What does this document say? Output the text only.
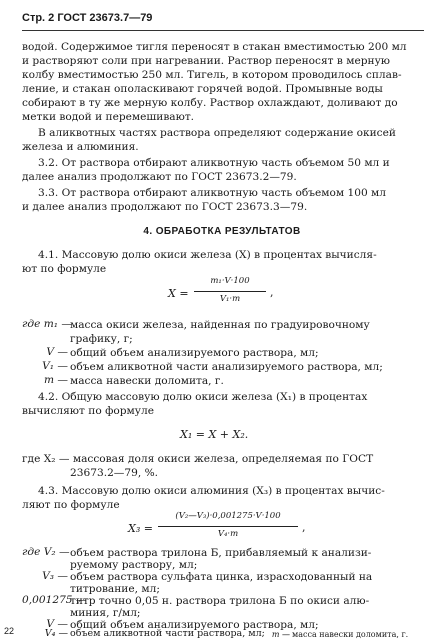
Стр. 2 ГОСТ 23673.7—79
водой. Содержимое тигля переносят в стакан вместимостью 200 мл
и растворяют соли при нагревании. Раствор переносят в мерную
колбу вместимостью 250 мл. Тигель, в котором проводилось сплав-
ление, и стакан ополаскивают горячей водой. Промывные воды
собирают в ту же мерную колбу. Раствор охлаждают, доливают до
метки водой и перемешивают.
В аликвотных частях раствора определяют содержание окисей
железа и алюминия.
3.2. От раствора отбирают аликвотную часть объемом 50 мл и
далее анализ продолжают по ГОСТ 23673.2—79.
3.3. От раствора отбирают аликвотную часть объемом 100 мл
и далее анализ продолжают по ГОСТ 23673.3—79.
4. ОБРАБОТКА РЕЗУЛЬТАТОВ
4.1. Массовую долю окиси железа (X) в процентах вычисля-
ют по формуле
X =
m₁·V·100
V₁·m	,
где m₁ —
масса окиси железа, найденная по градуировочному
графику, г;
V — общий объем анализируемого раствора, мл;
V₁ — объем аликвотной части анализируемого раствора, мл;
m — масса навески доломита, г.
4.2. Общую массовую долю окиси железа (X₁) в процентах
вычисляют по формуле
X₁ = X + X₂.
где X₂ — массовая доля окиси железа, определяемая по ГОСТ
23673.2—79, %.
4.3. Массовую долю окиси алюминия (X₃) в процентах вычис-
ляют по формуле
X₃ =
(V₂—V₃)·0,001275·V·100
V₄·m	,
где V₂ — объем раствора трилона Б, прибавляемый к анализи-
руемому раствору, мл;
V₃ — объем раствора сульфата цинка, израсходованный на
титрование, мл;
0,001275 —
титр точно 0,05 н. раствора трилона Б по окиси алю-
миния, г/мл;
V — общий объем анализируемого раствора, мл;
V₄ — объем аликвотной части раствора, мл;
22	m — масса навески доломита, г.
